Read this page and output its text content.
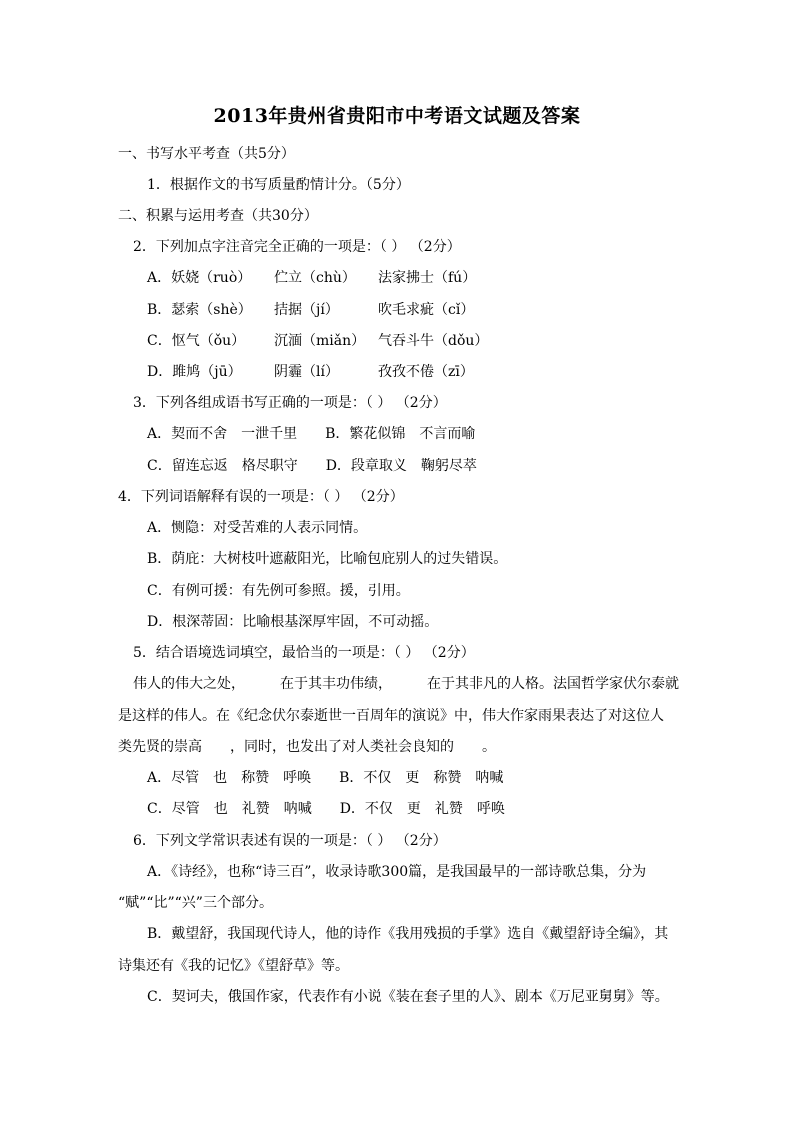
2013年贵州省贵阳市中考语文试题及答案
一、书写水平考查（共5分）
1．根据作文的书写质量酌情计分。（5分）
二、积累与运用考查（共30分）
2．下列加点字注音完全正确的一项是：（ ） （2分）
A．妖娆（ruò） 伫立（chù） 法家拂士（fú）
B．瑟索（shè） 拮据（jí）	吹毛求疵（cǐ）
C．怄气（ǒu） 沉湎（miǎn） 气吞斗牛（dǒu）
D．雎鸠（jū） 阴霾（lí）	孜孜不倦（zī）
3．下列各组成语书写正确的一项是：（ ） （2分）
A．契而不舍　一泄千里　　B．繁花似锦　不言而喻
C．留连忘返　格尽职守　　D．段章取义　鞠躬尽萃
4．下列词语解释有误的一项是：（ ） （2分）
A．恻隐：对受苦难的人表示同情。
B．荫庇：大树枝叶遮蔽阳光，比喻包庇别人的过失错误。
C．有例可援：有先例可参照。援，引用。
D．根深蒂固：比喻根基深厚牢固，不可动摇。
5．结合语境选词填空，最恰当的一项是：（ ） （2分）
伟人的伟大之处，　　　在于其丰功伟绩，　　　在于其非凡的人格。法国哲学家伏尔泰就
是这样的伟人。在《纪念伏尔泰逝世一百周年的演说》中，伟大作家雨果表达了对这位人
类先贤的崇高　　，同时，也发出了对人类社会良知的　　。
A．尽管　也　称赞　呼唤　　B．不仅　更　称赞　呐喊
C．尽管　也　礼赞　呐喊　　D．不仅　更　礼赞　呼唤
6．下列文学常识表述有误的一项是：（ ） （2分）
A．《诗经》，也称“诗三百”，收录诗歌300篇，是我国最早的一部诗歌总集，分为
“赋”“比”“兴”三个部分。
B．戴望舒，我国现代诗人，他的诗作《我用残损的手掌》选自《戴望舒诗全编》，其
诗集还有《我的记忆》《望舒草》等。
C．契诃夫，俄国作家，代表作有小说《装在套子里的人》、剧本《万尼亚舅舅》等。
